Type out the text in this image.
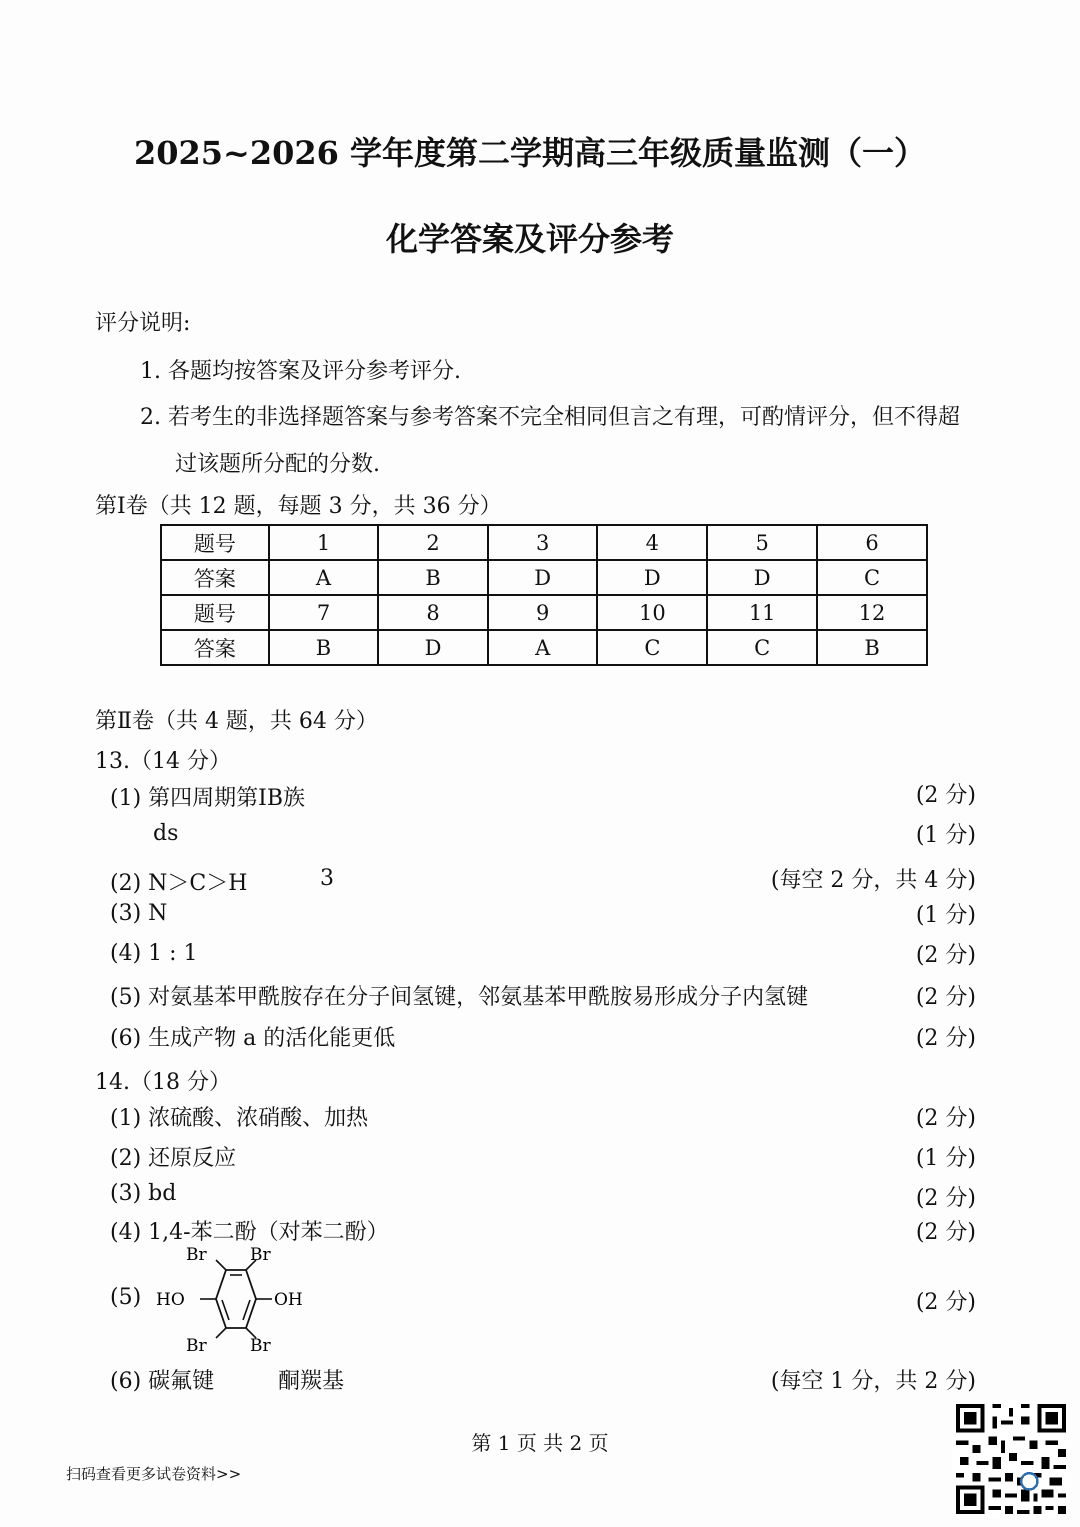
2025~2026 学年度第二学期高三年级质量监测（一）
化学答案及评分参考
评分说明:
1. 各题均按答案及评分参考评分.
2. 若考生的非选择题答案与参考答案不完全相同但言之有理，可酌情评分，但不得超
过该题所分配的分数.
第Ⅰ卷（共 12 题，每题 3 分，共 36 分）
题号	1	2	3	4	5	6
答案	A	B	D	D	D	C
题号	7	8	9	10	11	12
答案	B	D	A	C	C	B
第Ⅱ卷（共 4 题，共 64 分）
13.（14 分）
(1) 第四周期第ⅠB族	(2 分)
ds	(1 分)
(2) N＞C＞H	3	(每空 2 分，共 4 分)
(3) N	(1 分)
(4) 1 : 1	(2 分)
(5) 对氨基苯甲酰胺存在分子间氢键，邻氨基苯甲酰胺易形成分子内氢键	(2 分)
(6) 生成产物 a 的活化能更低	(2 分)
14.（18 分）
(1) 浓硫酸、浓硝酸、加热	(2 分)
(2) 还原反应	(1 分)
(3) bd	(2 分)
(4) 1,4-苯二酚（对苯二酚）	(2 分)
(5)	(2 分)
Br	Br
Br	Br
HO	OH
(6) 碳氟键	酮羰基	(每空 1 分，共 2 分)
第 1 页 共 2 页
扫码查看更多试卷资料>>
